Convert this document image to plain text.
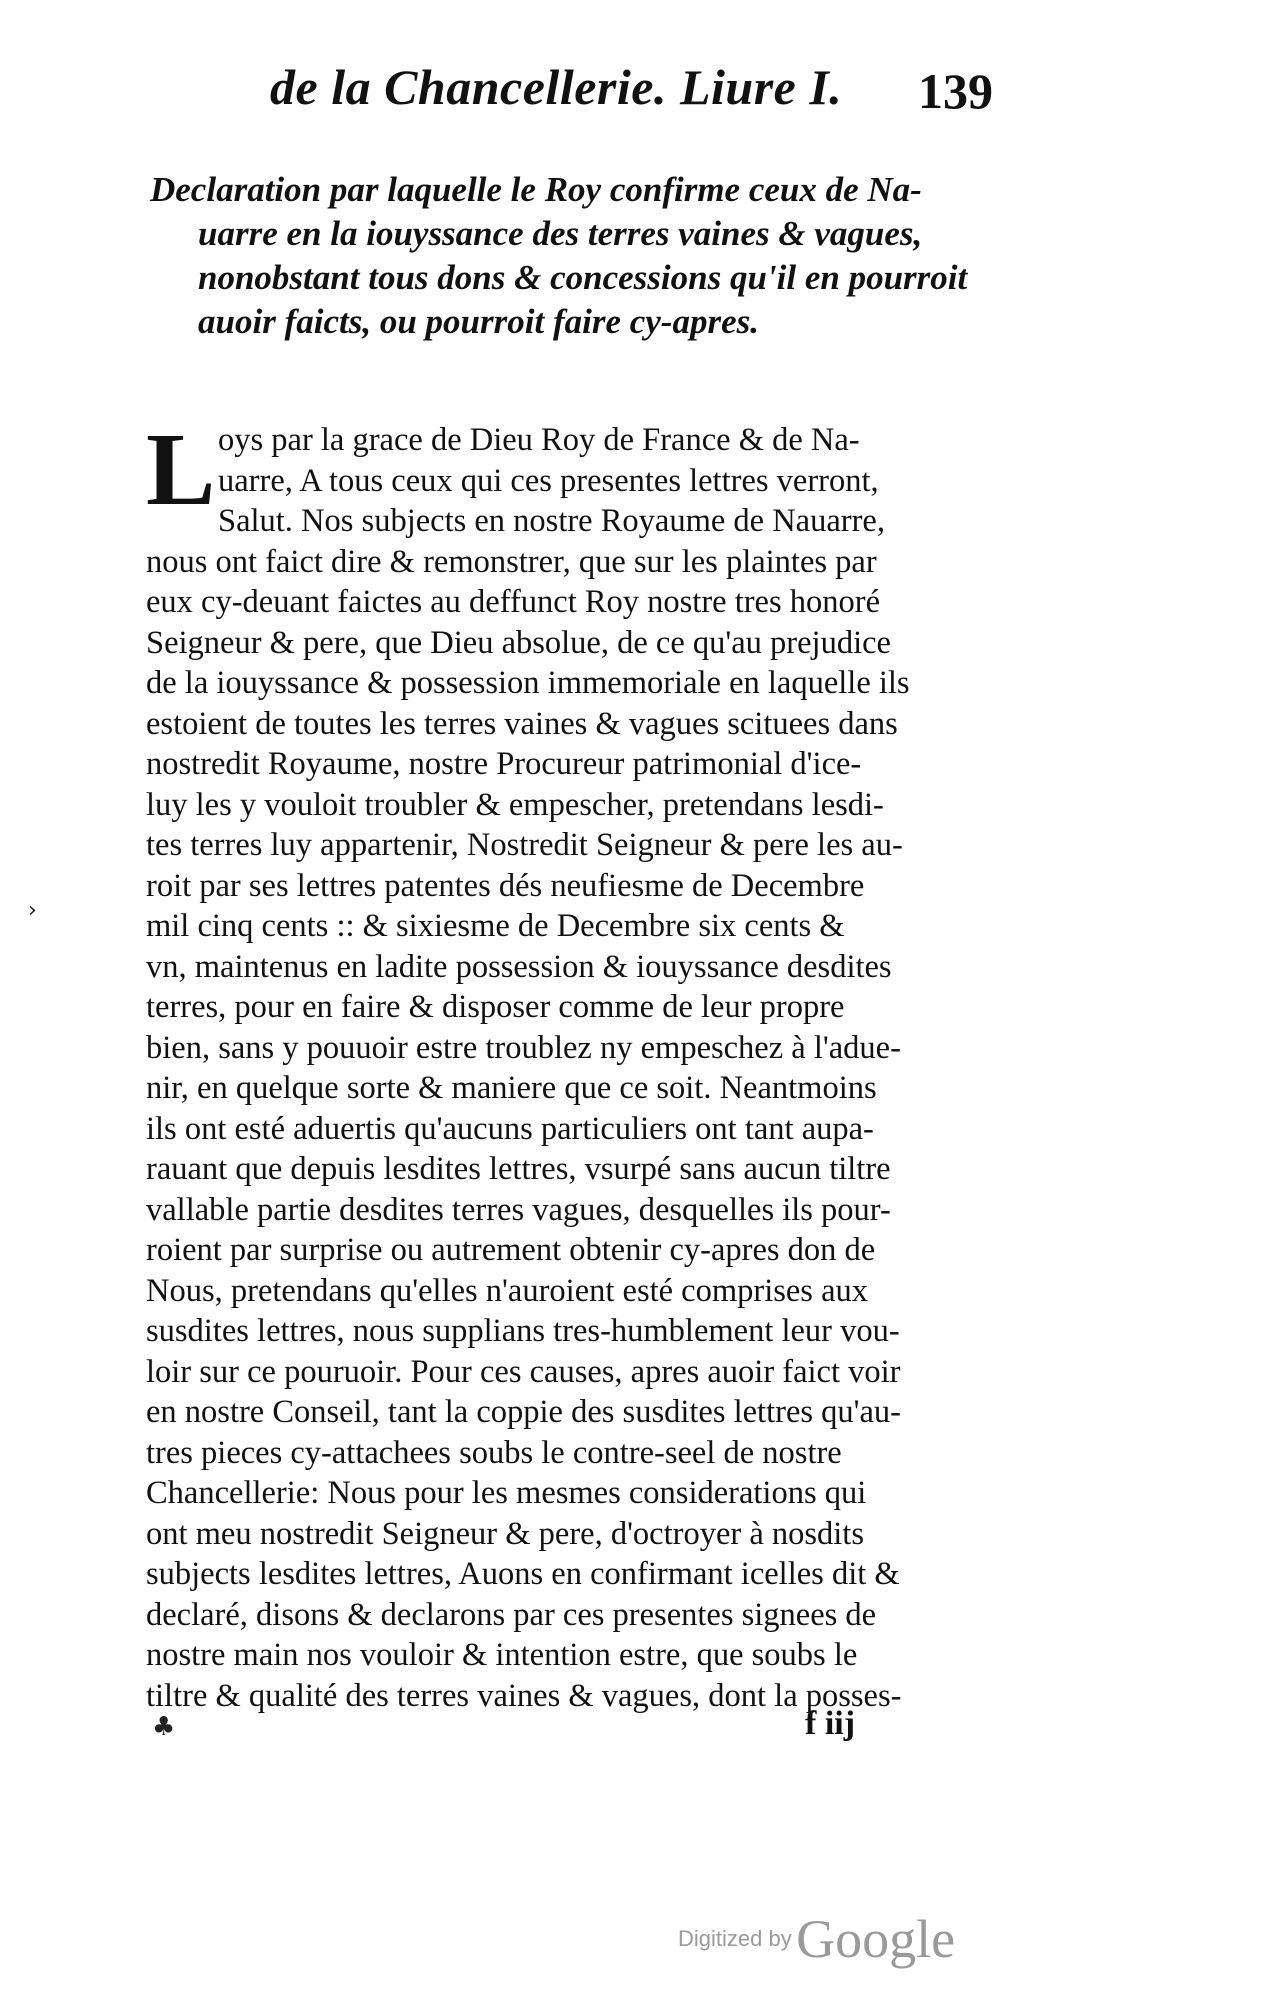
de la Chancellerie. Liure I.	139
Declaration par laquelle le Roy confirme ceux de Na-
uarre en la iouyssance des terres vaines & vagues,
nonobstant tous dons & concessions qu'il en pourroit
auoir faicts, ou pourroit faire cy-apres.
L oys par la grace de Dieu Roy de France & de Na-
uarre, A tous ceux qui ces presentes lettres verront,
Salut. Nos subjects en nostre Royaume de Nauarre,
nous ont faict dire & remonstrer, que sur les plaintes par
eux cy-deuant faictes au deffunct Roy nostre tres honoré
Seigneur & pere, que Dieu absolue, de ce qu'au prejudice
de la iouyssance & possession immemoriale en laquelle ils
estoient de toutes les terres vaines & vagues scituees dans
nostredit Royaume, nostre Procureur patrimonial d'ice-
luy les y vouloit troubler & empescher, pretendans lesdi-
tes terres luy appartenir, Nostredit Seigneur & pere les au-
roit par ses lettres patentes dés neufiesme de Decembre
mil cinq cents :: & sixiesme de Decembre six cents &
vn, maintenus en ladite possession & iouyssance desdites
terres, pour en faire & disposer comme de leur propre
bien, sans y pouuoir estre troublez ny empeschez à l'adue-
nir, en quelque sorte & maniere que ce soit. Neantmoins
ils ont esté aduertis qu'aucuns particuliers ont tant aupa-
rauant que depuis lesdites lettres, vsurpé sans aucun tiltre
vallable partie desdites terres vagues, desquelles ils pour-
roient par surprise ou autrement obtenir cy-apres don de
Nous, pretendans qu'elles n'auroient esté comprises aux
susdites lettres, nous supplians tres-humblement leur vou-
loir sur ce pouruoir. Pour ces causes, apres auoir faict voir
en nostre Conseil, tant la coppie des susdites lettres qu'au-
tres pieces cy-attachees soubs le contre-seel de nostre
Chancellerie: Nous pour les mesmes considerations qui
ont meu nostredit Seigneur & pere, d'octroyer à nosdits
subjects lesdites lettres, Auons en confirmant icelles dit &
declaré, disons & declarons par ces presentes signees de
nostre main nos vouloir & intention estre, que soubs le
tiltre & qualité des terres vaines & vagues, dont la posses-
f iij
›
♣
Digitized by Google
